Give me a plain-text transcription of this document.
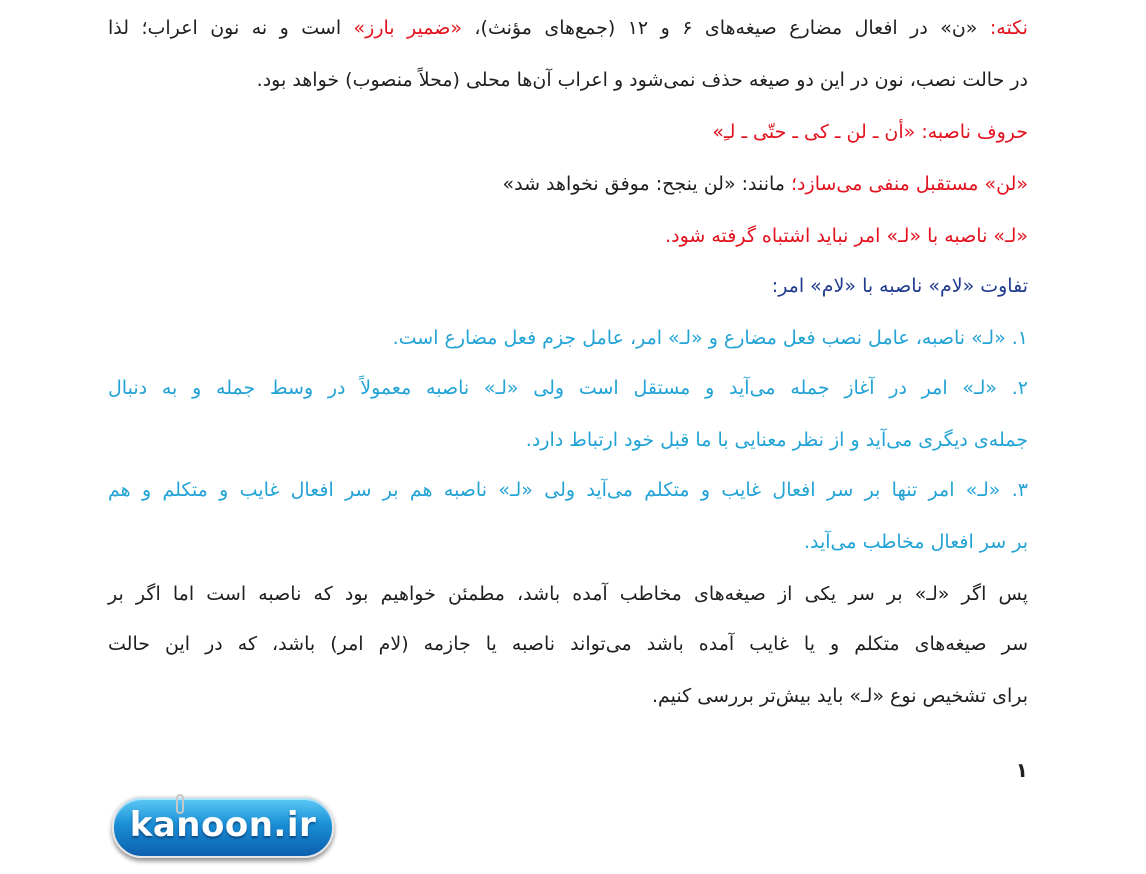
نکته: «ن» در افعال مضارع صیغه‌های ۶ و ۱۲ (جمع‌های مؤنث)، «ضمیر بارز» است و نه نون اعراب؛ لذا
در حالت نصب، نون در این دو صیغه حذف نمی‌شود و اعراب آن‌ها محلی (محلاً منصوب) خواهد بود.
حروف ناصبه: «أن ـ لن ـ کی ـ حتّی ـ لـِ»
«لن» مستقبل منفی می‌سازد؛ مانند: «لن ینجح: موفق نخواهد شد»
«لـ» ناصبه با «لـ» امر نباید اشتباه گرفته شود.
تفاوت «لام» ناصبه با «لام» امر:
۱. «لـ» ناصبه، عامل نصب فعل مضارع و «لـ» امر، عامل جزم فعل مضارع است.
۲. «لـ» امر در آغاز جمله می‌آید و مستقل است ولی «لـ» ناصبه معمولاً در وسط جمله و به دنبال
جمله‌ی دیگری می‌آید و از نظر معنایی با ما قبل خود ارتباط دارد.
۳. «لـ» امر تنها بر سر افعال غایب و متکلم می‌آید ولی «لـ» ناصبه هم بر سر افعال غایب و متکلم و هم
بر سر افعال مخاطب می‌آید.
پس اگر «لـ» بر سر یکی از صیغه‌های مخاطب آمده باشد، مطمئن خواهیم بود که ناصبه است اما اگر بر
سر صیغه‌های متکلم و یا غایب آمده باشد می‌تواند ناصبه یا جازمه (لام امر) باشد، که در این حالت
برای تشخیص نوع «لـ» باید بیش‌تر بررسی کنیم.
۱
kanoon.ir
